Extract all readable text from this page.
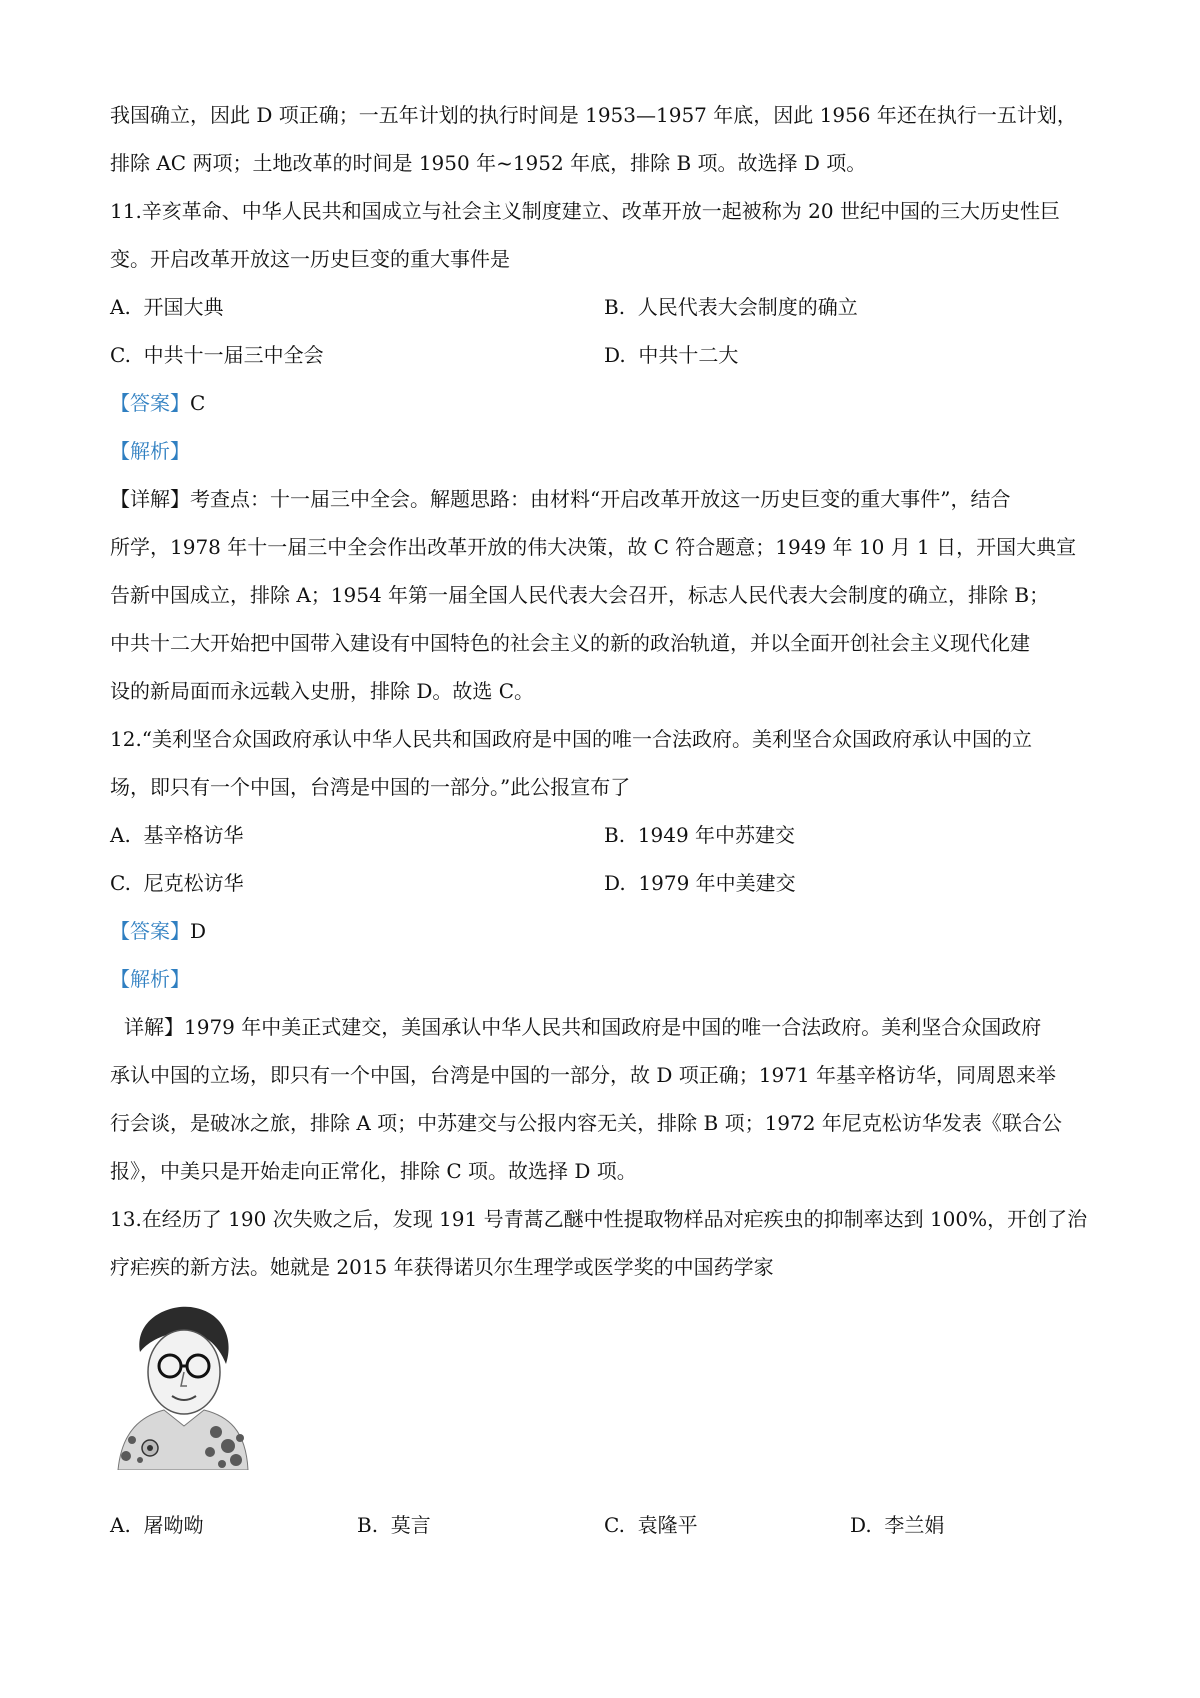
我国确立，因此 D 项正确；一五年计划的执行时间是 1953—1957 年底，因此 1956 年还在执行一五计划，
排除 AC 两项；土地改革的时间是 1950 年~1952 年底，排除 B 项。故选择 D 项。
11.辛亥革命、中华人民共和国成立与社会主义制度建立、改革开放一起被称为 20 世纪中国的三大历史性巨
变。开启改革开放这一历史巨变的重大事件是
A. 开国大典	B. 人民代表大会制度的确立
C. 中共十一届三中全会	D. 中共十二大
【答案】C
【解析】
【详解】考查点：十一届三中全会。解题思路：由材料“开启改革开放这一历史巨变的重大事件”，结合
所学，1978 年十一届三中全会作出改革开放的伟大决策，故 C 符合题意；1949 年 10 月 1 日，开国大典宣
告新中国成立，排除 A；1954 年第一届全国人民代表大会召开，标志人民代表大会制度的确立，排除 B；
中共十二大开始把中国带入建设有中国特色的社会主义的新的政治轨道，并以全面开创社会主义现代化建
设的新局面而永远载入史册，排除 D。故选 C。
12.“美利坚合众国政府承认中华人民共和国政府是中国的唯一合法政府。美利坚合众国政府承认中国的立
场，即只有一个中国，台湾是中国的一部分。”此公报宣布了
A. 基辛格访华	B. 1949 年中苏建交
C. 尼克松访华	D. 1979 年中美建交
【答案】D
【解析】
详解】1979 年中美正式建交，美国承认中华人民共和国政府是中国的唯一合法政府。美利坚合众国政府
承认中国的立场，即只有一个中国，台湾是中国的一部分，故 D 项正确；1971 年基辛格访华，同周恩来举
行会谈，是破冰之旅，排除 A 项；中苏建交与公报内容无关，排除 B 项；1972 年尼克松访华发表《联合公
报》，中美只是开始走向正常化，排除 C 项。故选择 D 项。
13.在经历了 190 次失败之后，发现 191 号青蒿乙醚中性提取物样品对疟疾虫的抑制率达到 100%，开创了治
疗疟疾的新方法。她就是 2015 年获得诺贝尔生理学或医学奖的中国药学家
A. 屠呦呦	B. 莫言	C. 袁隆平	D. 李兰娟
